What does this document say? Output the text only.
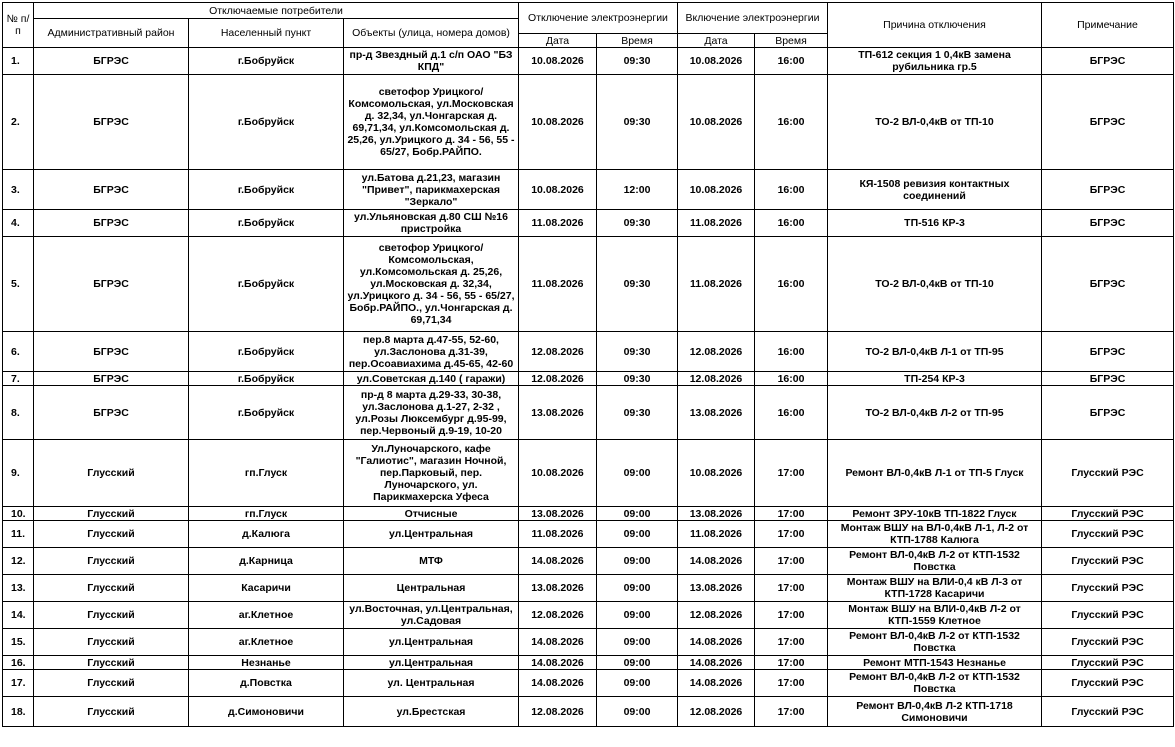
№ п/п	Отключаемые потребители			Отключение электроэнергии		Включение электроэнергии		Причина отключения	Примечание
	Административный район	Населенный пункт	Объекты (улица, номера домов)						
				Дата	Время	Дата	Время		
1.	БГРЭС	г.Бобруйск	пр-д Звездный д.1 с/п ОАО "БЗ КПД"	10.08.2026	09:30	10.08.2026	16:00	ТП-612 секция 1 0,4кВ замена рубильника гр.5	БГРЭС
2.	БГРЭС	г.Бобруйск	светофор Урицкого/Комсомольская, ул.Московская д. 32,34, ул.Чонгарская д. 69,71,34, ул.Комсомольская д. 25,26, ул.Урицкого д. 34 - 56, 55 - 65/27, Бобр.РАЙПО.	10.08.2026	09:30	10.08.2026	16:00	ТО-2 ВЛ-0,4кВ от ТП-10	БГРЭС
3.	БГРЭС	г.Бобруйск	ул.Батова д.21,23, магазин "Привет", парикмахерская "Зеркало"	10.08.2026	12:00	10.08.2026	16:00	КЯ-1508 ревизия контактных соединений	БГРЭС
4.	БГРЭС	г.Бобруйск	ул.Ульяновская д.80 СШ №16 пристройка	11.08.2026	09:30	11.08.2026	16:00	ТП-516 КР-3	БГРЭС
5.	БГРЭС	г.Бобруйск	светофор Урицкого/Комсомольская, ул.Комсомольская д. 25,26, ул.Московская д. 32,34, ул.Урицкого д. 34 - 56, 55 - 65/27, Бобр.РАЙПО., ул.Чонгарская д. 69,71,34	11.08.2026	09:30	11.08.2026	16:00	ТО-2 ВЛ-0,4кВ от ТП-10	БГРЭС
6.	БГРЭС	г.Бобруйск	пер.8 марта д.47-55, 52-60, ул.Заслонова д.31-39, пер.Осоавиахима д.45-65, 42-60	12.08.2026	09:30	12.08.2026	16:00	ТО-2 ВЛ-0,4кВ Л-1 от ТП-95	БГРЭС
7.	БГРЭС	г.Бобруйск	ул.Советская д.140 ( гаражи)	12.08.2026	09:30	12.08.2026	16:00	ТП-254 КР-3	БГРЭС
8.	БГРЭС	г.Бобруйск	пр-д 8 марта д.29-33, 30-38, ул.Заслонова д.1-27, 2-32 , ул.Розы Люксембург д.95-99, пер.Червоный д.9-19, 10-20	13.08.2026	09:30	13.08.2026	16:00	ТО-2 ВЛ-0,4кВ Л-2 от ТП-95	БГРЭС
9.	Глусский	гп.Глуск	Ул.Луночарского, кафе "Галиотис", магазин Ночной, пер.Парковый, пер. Луночарского, ул. Парикмахерска Уфеса	10.08.2026	09:00	10.08.2026	17:00	Ремонт ВЛ-0,4кВ Л-1 от ТП-5 Глуск	Глусский РЭС
10.	Глусский	гп.Глуск	Отчисные	13.08.2026	09:00	13.08.2026	17:00	Ремонт ЗРУ-10кВ ТП-1822 Глуск	Глусский РЭС
11.	Глусский	д.Калюга	ул.Центральная	11.08.2026	09:00	11.08.2026	17:00	Монтаж ВШУ на ВЛ-0,4кВ Л-1, Л-2 от КТП-1788 Калюга	Глусский РЭС
12.	Глусский	д.Карница	МТФ	14.08.2026	09:00	14.08.2026	17:00	Ремонт ВЛ-0,4кВ Л-2 от КТП-1532 Повстка	Глусский РЭС
13.	Глусский	Касаричи	Центральная	13.08.2026	09:00	13.08.2026	17:00	Монтаж ВШУ на ВЛИ-0,4 кВ Л-3 от КТП-1728 Касаричи	Глусский РЭС
14.	Глусский	аг.Клетное	ул.Восточная, ул.Центральная, ул.Садовая	12.08.2026	09:00	12.08.2026	17:00	Монтаж ВШУ на ВЛИ-0,4кВ Л-2 от КТП-1559 Клетное	Глусский РЭС
15.	Глусский	аг.Клетное	ул.Центральная	14.08.2026	09:00	14.08.2026	17:00	Ремонт ВЛ-0,4кВ Л-2 от КТП-1532 Повстка	Глусский РЭС
16.	Глусский	Незнанье	ул.Центральная	14.08.2026	09:00	14.08.2026	17:00	Ремонт МТП-1543 Незнанье	Глусский РЭС
17.	Глусский	д.Повстка	ул. Центральная	14.08.2026	09:00	14.08.2026	17:00	Ремонт ВЛ-0,4кВ Л-2 от КТП-1532 Повстка	Глусский РЭС
18.	Глусский	д.Симоновичи	ул.Брестская	12.08.2026	09:00	12.08.2026	17:00	Ремонт ВЛ-0,4кВ Л-2 КТП-1718 Симоновичи	Глусский РЭС
